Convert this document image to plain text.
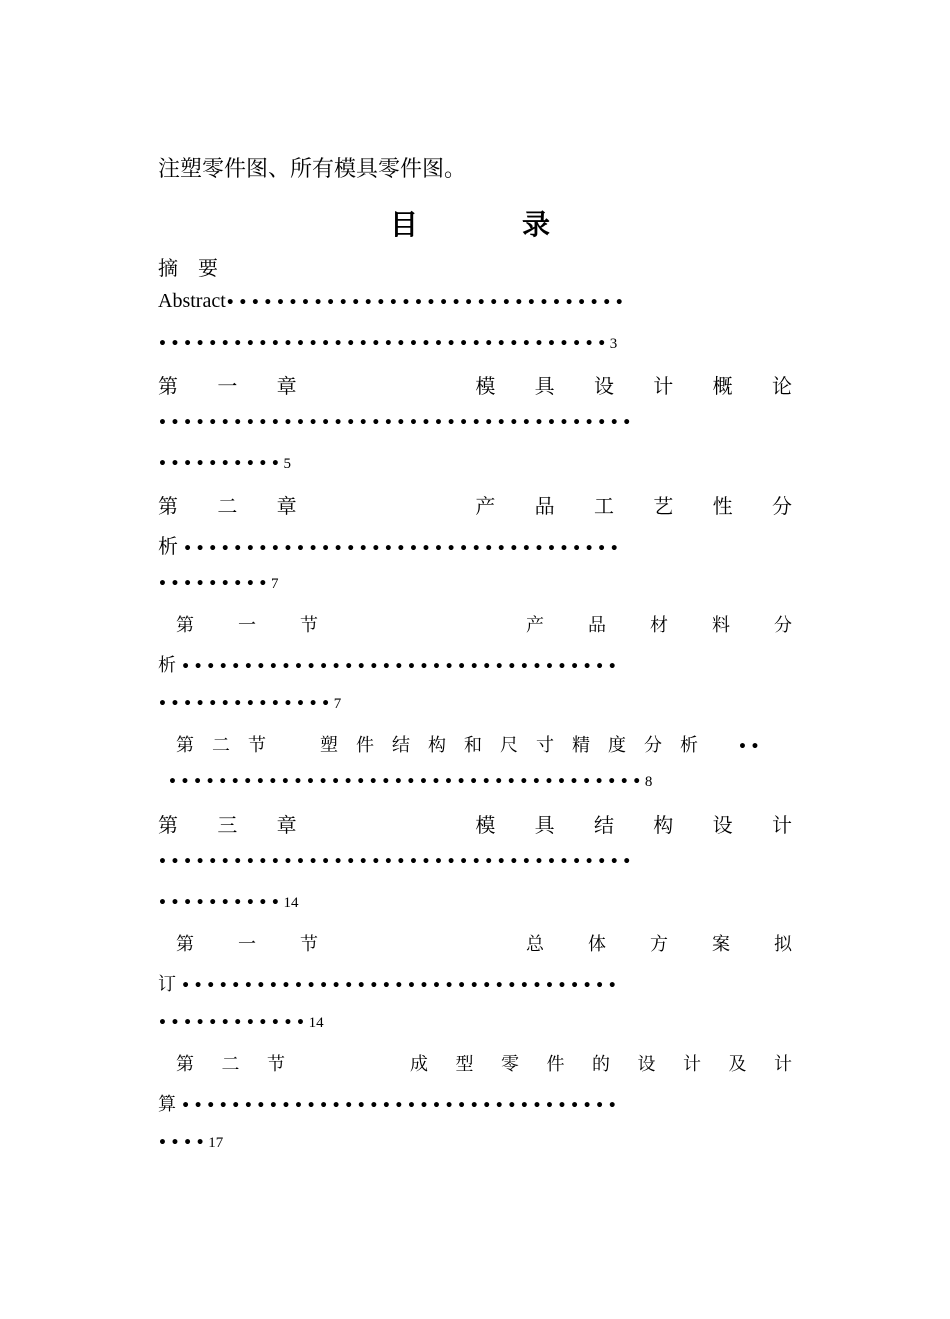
注塑零件图、所有模具零件图。
目　录
摘　要
Abstract••••••••••••••••••••••••••••••••
••••••••••••••••••••••••••••••••••••3
第 一 章	模 具 设 计 概 论
••••••••••••••••••••••••••••••••••••••
••••••••••5
第 二 章	产 品 工 艺 性 分
析 •••••••••••••••••••••••••••••••••••
•••••••••7
第 一 节	产 品 材 料 分
析 •••••••••••••••••••••••••••••••••••
••••••••••••••7
第　二　节　　　塑　件　结　构　和　尺　寸　精　度　分　析	••
••••••••••••••••••••••••••••••••••••••8
第 三 章	模 具 结 构 设 计
••••••••••••••••••••••••••••••••••••••
••••••••••14
第 一 节	总 体 方 案 拟
订 •••••••••••••••••••••••••••••••••••
••••••••••••14
第 二 节	成 型 零 件 的 设 计 及 计
算 •••••••••••••••••••••••••••••••••••
••••17
